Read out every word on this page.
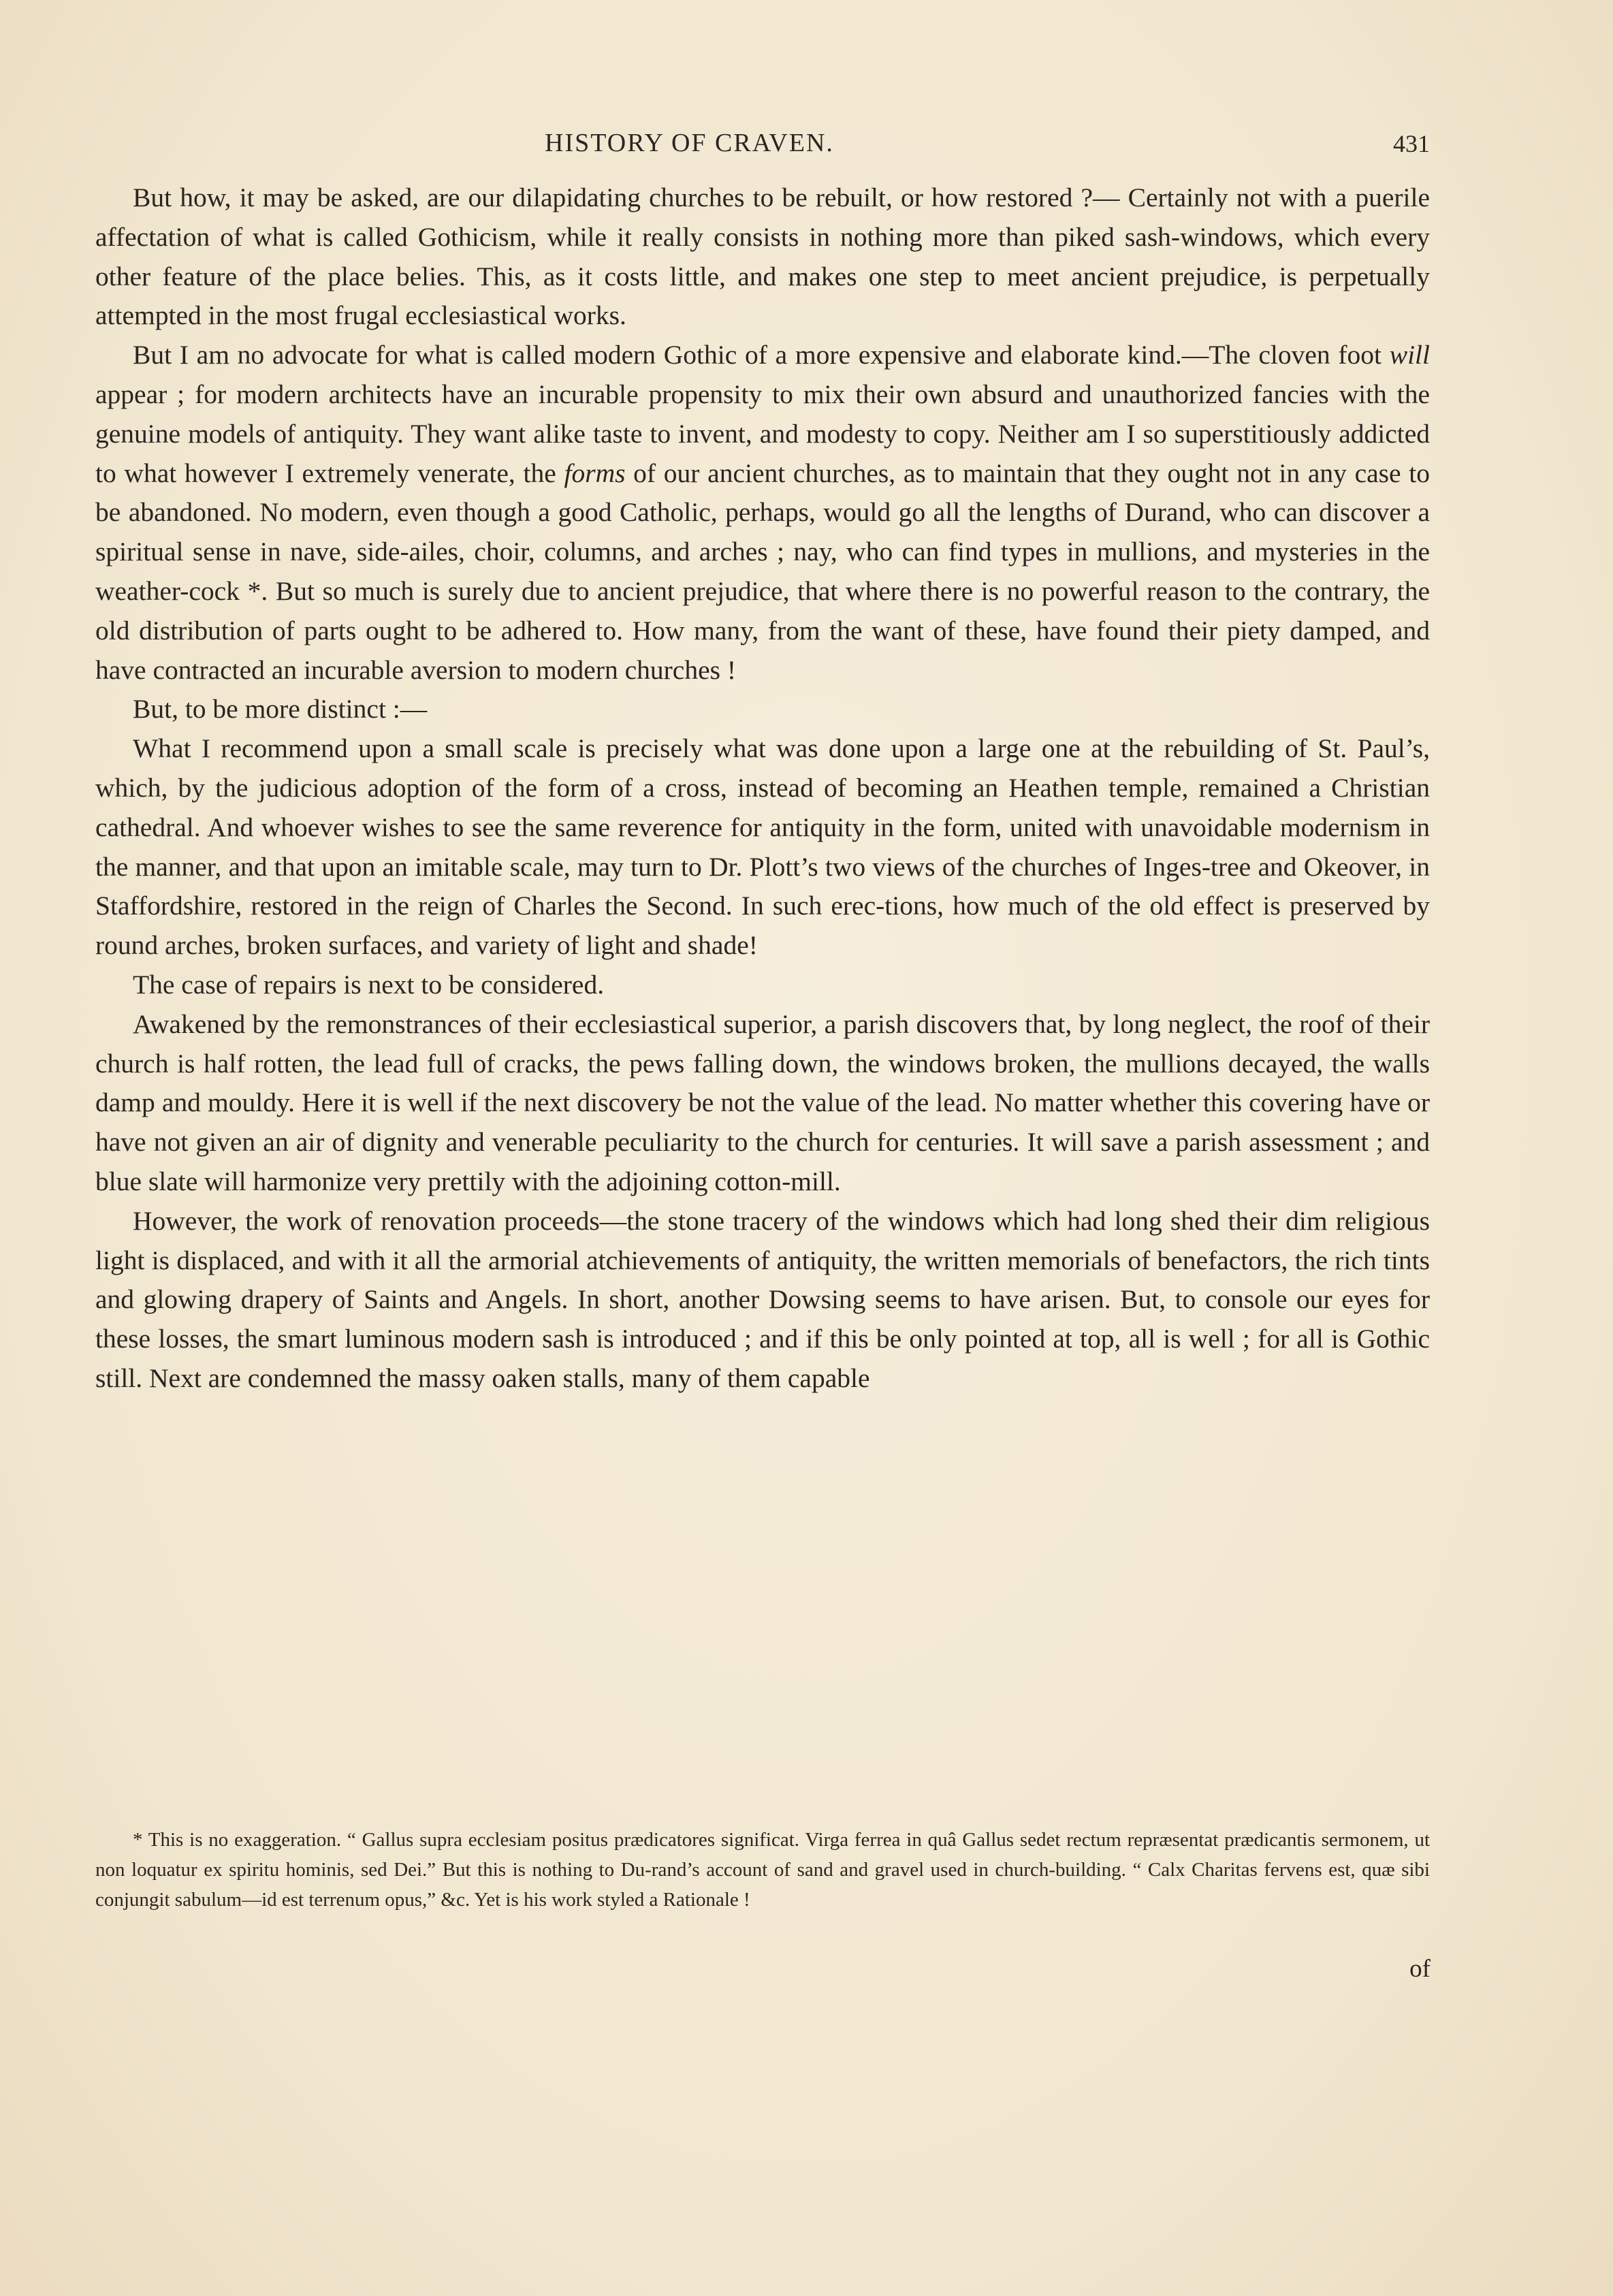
HISTORY OF CRAVEN.	431

But how, it may be asked, are our dilapidating churches to be rebuilt, or how restored ?— Certainly not with a puerile affectation of what is called Gothicism, while it really consists in nothing more than piked sash-windows, which every other feature of the place belies. This, as it costs little, and makes one step to meet ancient prejudice, is perpetually attempted in the most frugal ecclesiastical works.

But I am no advocate for what is called modern Gothic of a more expensive and elaborate kind.—The cloven foot will appear ; for modern architects have an incurable propensity to mix their own absurd and unauthorized fancies with the genuine models of antiquity. They want alike taste to invent, and modesty to copy. Neither am I so superstitiously addicted to what however I extremely venerate, the forms of our ancient churches, as to maintain that they ought not in any case to be abandoned. No modern, even though a good Catholic, perhaps, would go all the lengths of Durand, who can discover a spiritual sense in nave, side-ailes, choir, columns, and arches ; nay, who can find types in mullions, and mysteries in the weather-cock *. But so much is surely due to ancient prejudice, that where there is no powerful reason to the contrary, the old distribution of parts ought to be adhered to. How many, from the want of these, have found their piety damped, and have contracted an incurable aversion to modern churches !

But, to be more distinct :—

What I recommend upon a small scale is precisely what was done upon a large one at the rebuilding of St. Paul’s, which, by the judicious adoption of the form of a cross, instead of becoming an Heathen temple, remained a Christian cathedral. And whoever wishes to see the same reverence for antiquity in the form, united with unavoidable modernism in the manner, and that upon an imitable scale, may turn to Dr. Plott’s two views of the churches of Inges-tree and Okeover, in Staffordshire, restored in the reign of Charles the Second. In such erec-tions, how much of the old effect is preserved by round arches, broken surfaces, and variety of light and shade!

The case of repairs is next to be considered.

Awakened by the remonstrances of their ecclesiastical superior, a parish discovers that, by long neglect, the roof of their church is half rotten, the lead full of cracks, the pews falling down, the windows broken, the mullions decayed, the walls damp and mouldy. Here it is well if the next discovery be not the value of the lead. No matter whether this covering have or have not given an air of dignity and venerable peculiarity to the church for centuries. It will save a parish assessment ; and blue slate will harmonize very prettily with the adjoining cotton-mill.

However, the work of renovation proceeds—the stone tracery of the windows which had long shed their dim religious light is displaced, and with it all the armorial atchievements of antiquity, the written memorials of benefactors, the rich tints and glowing drapery of Saints and Angels. In short, another Dowsing seems to have arisen. But, to console our eyes for these losses, the smart luminous modern sash is introduced ; and if this be only pointed at top, all is well ; for all is Gothic still. Next are condemned the massy oaken stalls, many of them capable

* This is no exaggeration. “ Gallus supra ecclesiam positus prædicatores significat. Virga ferrea in quâ Gallus sedet rectum repræsentat prædicantis sermonem, ut non loquatur ex spiritu hominis, sed Dei.” But this is nothing to Du-rand’s account of sand and gravel used in church-building. “ Calx Charitas fervens est, quæ sibi conjungit sabulum—id est terrenum opus,” &c. Yet is his work styled a Rationale !
of
